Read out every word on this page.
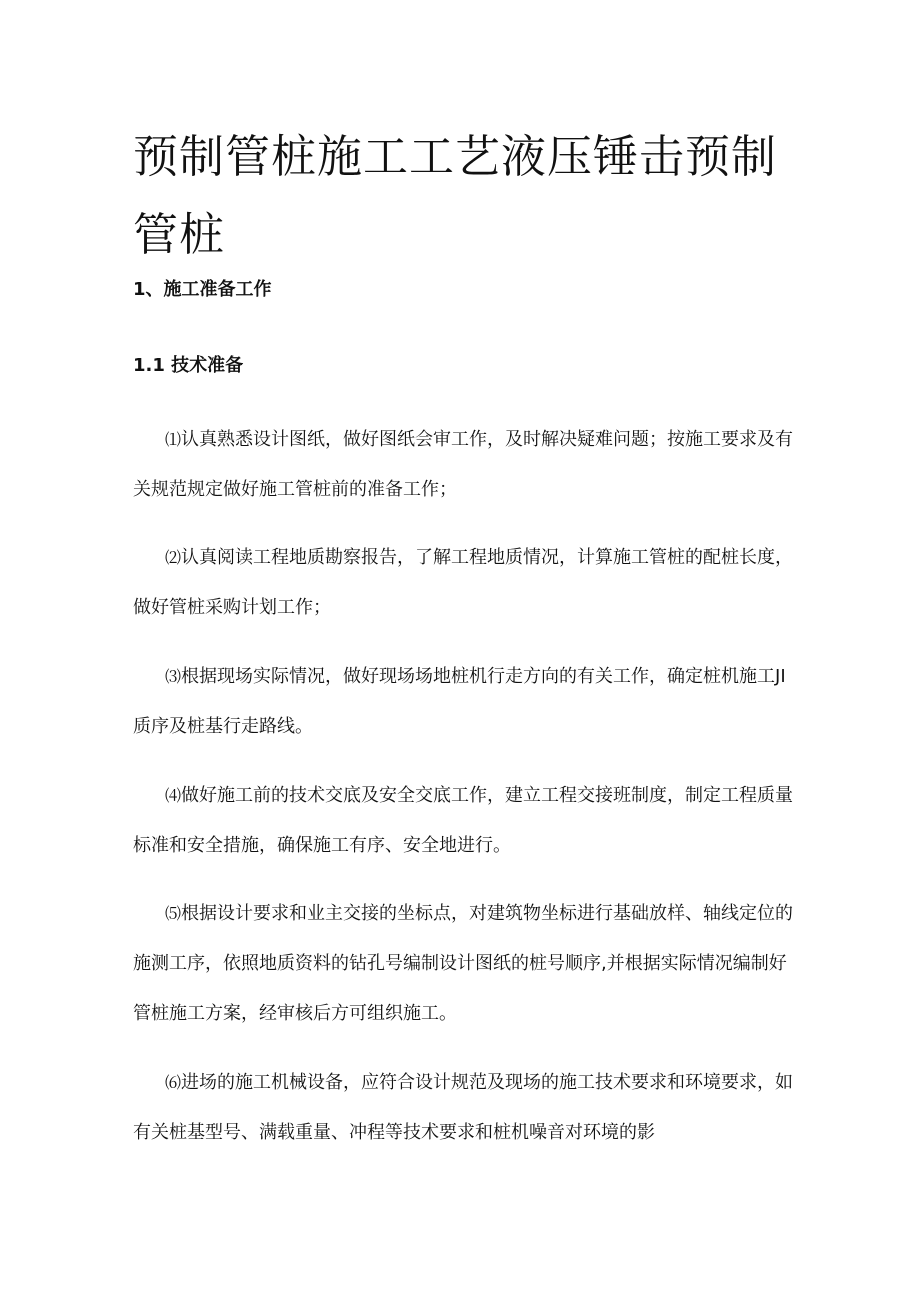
预制管桩施工工艺液压锤击预制管桩
1、施工准备工作
1.1 技术准备

⑴认真熟悉设计图纸，做好图纸会审工作，及时解决疑难问题；按施工要求及有关规范规定做好施工管桩前的准备工作；

⑵认真阅读工程地质勘察报告，了解工程地质情况，计算施工管桩的配桩长度，做好管桩采购计划工作；

⑶根据现场实际情况，做好现场场地桩机行走方向的有关工作，确定桩机施工JI质序及桩基行走路线。

⑷做好施工前的技术交底及安全交底工作，建立工程交接班制度，制定工程质量标准和安全措施，确保施工有序、安全地进行。

⑸根据设计要求和业主交接的坐标点，对建筑物坐标进行基础放样、轴线定位的施测工序，依照地质资料的钻孔号编制设计图纸的桩号顺序,并根据实际情况编制好管桩施工方案，经审核后方可组织施工。

⑹进场的施工机械设备，应符合设计规范及现场的施工技术要求和环境要求，如有关桩基型号、满载重量、冲程等技术要求和桩机噪音对环境的影
